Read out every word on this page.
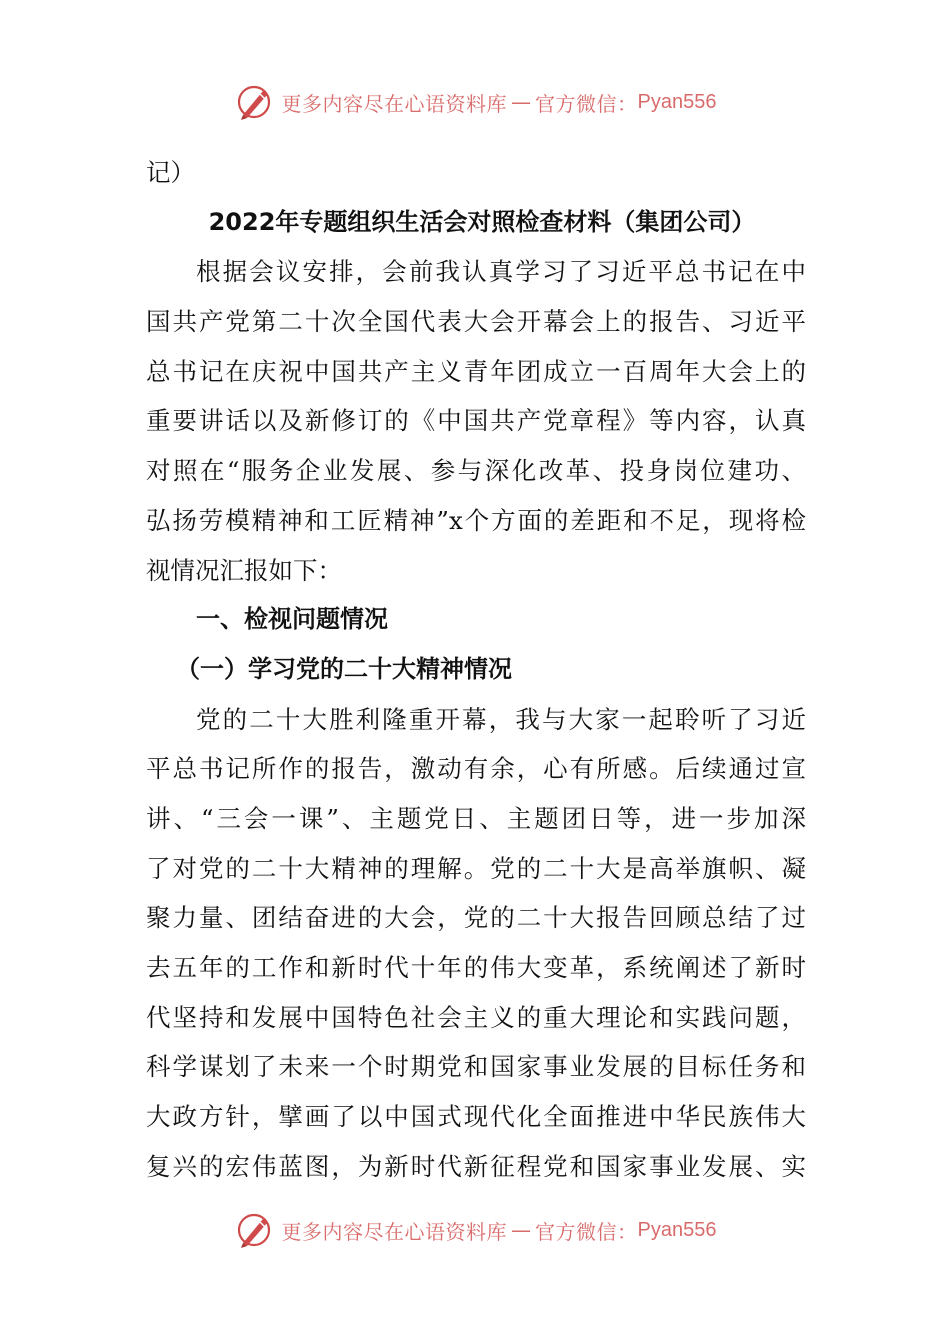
更多内容尽在心语资料库 — 官方微信： Pyan556
记）
2022年专题组织生活会对照检查材料（集团公司）
根据会议安排，会前我认真学习了习近平总书记在中
国共产党第二十次全国代表大会开幕会上的报告、习近平
总书记在庆祝中国共产主义青年团成立一百周年大会上的
重要讲话以及新修订的《中国共产党章程》等内容，认真
对照在“服务企业发展、参与深化改革、投身岗位建功、
弘扬劳模精神和工匠精神”x个方面的差距和不足，现将检
视情况汇报如下：
一、检视问题情况
（一）学习党的二十大精神情况
党的二十大胜利隆重开幕，我与大家一起聆听了习近
平总书记所作的报告，激动有余，心有所感。后续通过宣
讲、“三会一课”、主题党日、主题团日等，进一步加深
了对党的二十大精神的理解。党的二十大是高举旗帜、凝
聚力量、团结奋进的大会，党的二十大报告回顾总结了过
去五年的工作和新时代十年的伟大变革，系统阐述了新时
代坚持和发展中国特色社会主义的重大理论和实践问题，
科学谋划了未来一个时期党和国家事业发展的目标任务和
大政方针，擘画了以中国式现代化全面推进中华民族伟大
复兴的宏伟蓝图，为新时代新征程党和国家事业发展、实
更多内容尽在心语资料库 — 官方微信： Pyan556
